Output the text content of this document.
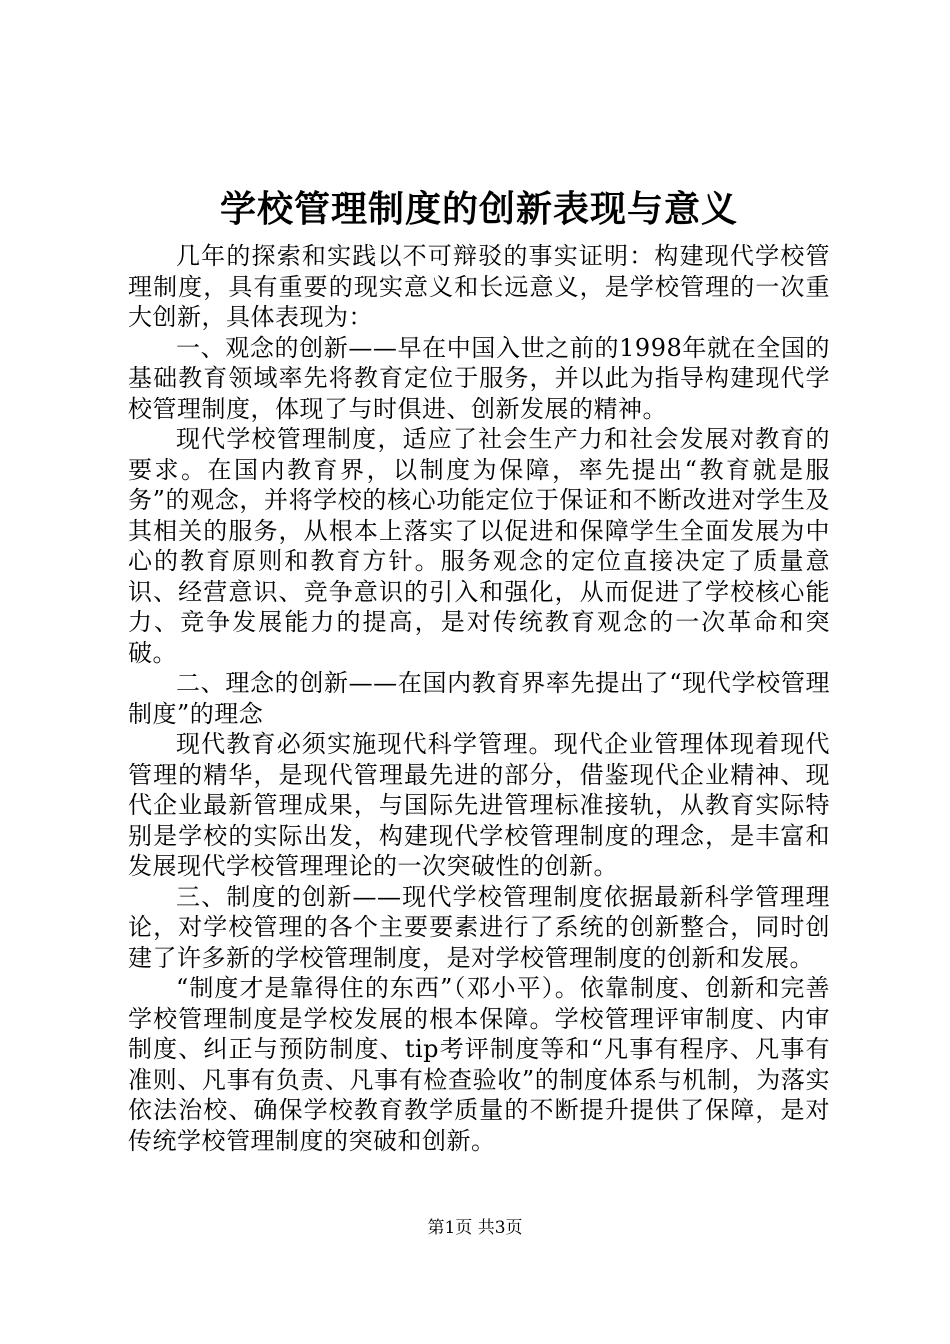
学校管理制度的创新表现与意义

几年的探索和实践以不可辩驳的事实证明：构建现代学校管理制度，具有重要的现实意义和长远意义，是学校管理的一次重大创新，具体表现为：

一、观念的创新——早在中国入世之前的1998年就在全国的基础教育领域率先将教育定位于服务，并以此为指导构建现代学校管理制度，体现了与时俱进、创新发展的精神。

现代学校管理制度，适应了社会生产力和社会发展对教育的要求。在国内教育界，以制度为保障，率先提出“教育就是服务”的观念，并将学校的核心功能定位于保证和不断改进对学生及其相关的服务，从根本上落实了以促进和保障学生全面发展为中心的教育原则和教育方针。服务观念的定位直接决定了质量意识、经营意识、竞争意识的引入和强化，从而促进了学校核心能力、竞争发展能力的提高，是对传统教育观念的一次革命和突破。

二、理念的创新——在国内教育界率先提出了“现代学校管理制度”的理念

现代教育必须实施现代科学管理。现代企业管理体现着现代管理的精华，是现代管理最先进的部分，借鉴现代企业精神、现代企业最新管理成果，与国际先进管理标准接轨，从教育实际特别是学校的实际出发，构建现代学校管理制度的理念，是丰富和发展现代学校管理理论的一次突破性的创新。

三、制度的创新——现代学校管理制度依据最新科学管理理论，对学校管理的各个主要要素进行了系统的创新整合，同时创建了许多新的学校管理制度，是对学校管理制度的创新和发展。

“制度才是靠得住的东西”（邓小平）。依靠制度、创新和完善学校管理制度是学校发展的根本保障。学校管理评审制度、内审制度、纠正与预防制度、tip考评制度等和“凡事有程序、凡事有准则、凡事有负责、凡事有检查验收”的制度体系与机制，为落实依法治校、确保学校教育教学质量的不断提升提供了保障，是对传统学校管理制度的突破和创新。

第1页 共3页
